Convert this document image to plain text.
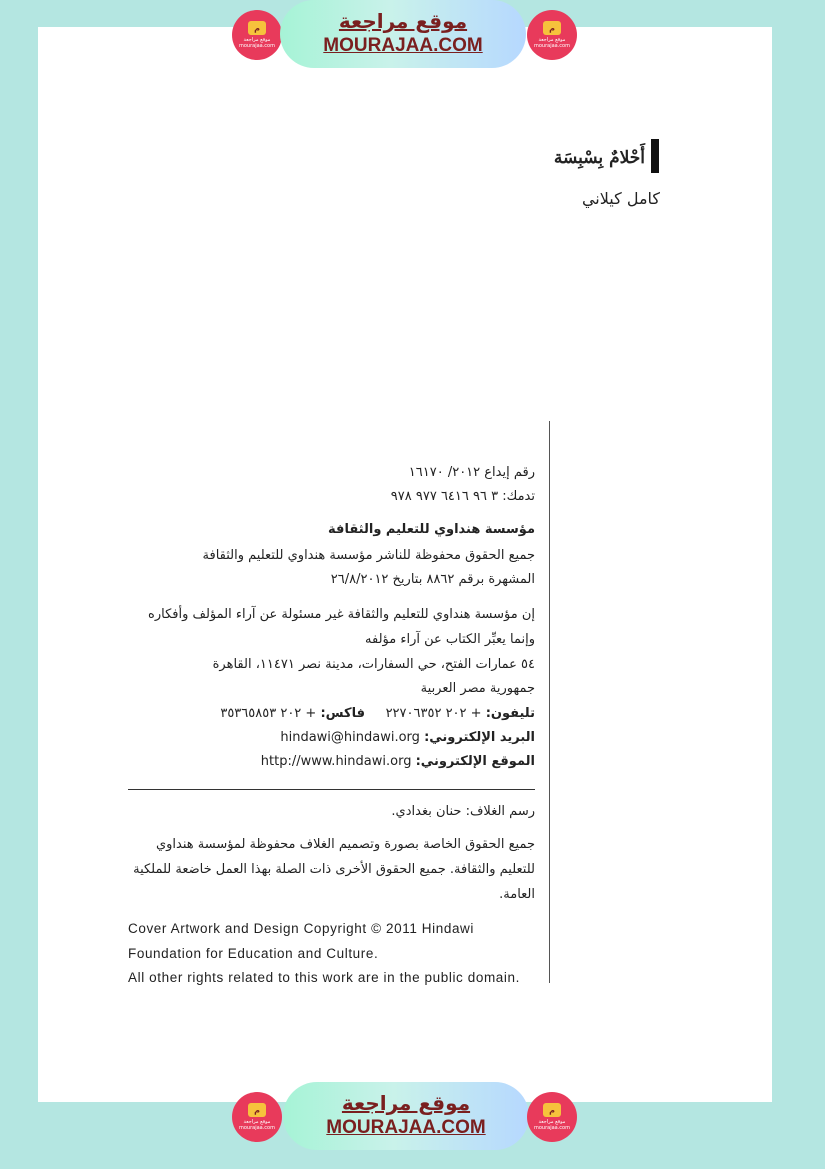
م
موقع مراجعة
mourajaa.com
موقع مراجعة
MOURAJAA.COM
م
موقع مراجعة
mourajaa.com
أَحْلامٌ بِسْبِسَة
كامل كيلاني
رقم إيداع ٢٠١٢/ ١٦١٧٠
تدمك: ٣ ٩٦ ٦٤١٦ ٩٧٧ ٩٧٨
مؤسسة هنداوي للتعليم والثقافة
جميع الحقوق محفوظة للناشر مؤسسة هنداوي للتعليم والثقافة
المشهرة برقم ٨٨٦٢ بتاريخ ٢٦/٨/٢٠١٢
إن مؤسسة هنداوي للتعليم والثقافة غير مسئولة عن آراء المؤلف وأفكاره
وإنما يعبِّر الكتاب عن آراء مؤلفه
٥٤ عمارات الفتح، حي السفارات، مدينة نصر ١١٤٧١، القاهرة
جمهورية مصر العربية
تليفون: + ٢٠٢ ٢٢٧٠٦٣٥٢
فاكس: + ٢٠٢ ٣٥٣٦٥٨٥٣
البريد الإلكتروني: hindawi@hindawi.org
الموقع الإلكتروني: http://www.hindawi.org
رسم الغلاف: حنان بغدادي.
جميع الحقوق الخاصة بصورة وتصميم الغلاف محفوظة لمؤسسة هنداوي
للتعليم والثقافة. جميع الحقوق الأخرى ذات الصلة بهذا العمل خاضعة للملكية
العامة.
Cover Artwork and Design Copyright © 2011 Hindawi
Foundation for Education and Culture.
All other rights related to this work are in the public domain.
م
موقع مراجعة
mourajaa.com
موقع مراجعة
MOURAJAA.COM
م
موقع مراجعة
mourajaa.com
